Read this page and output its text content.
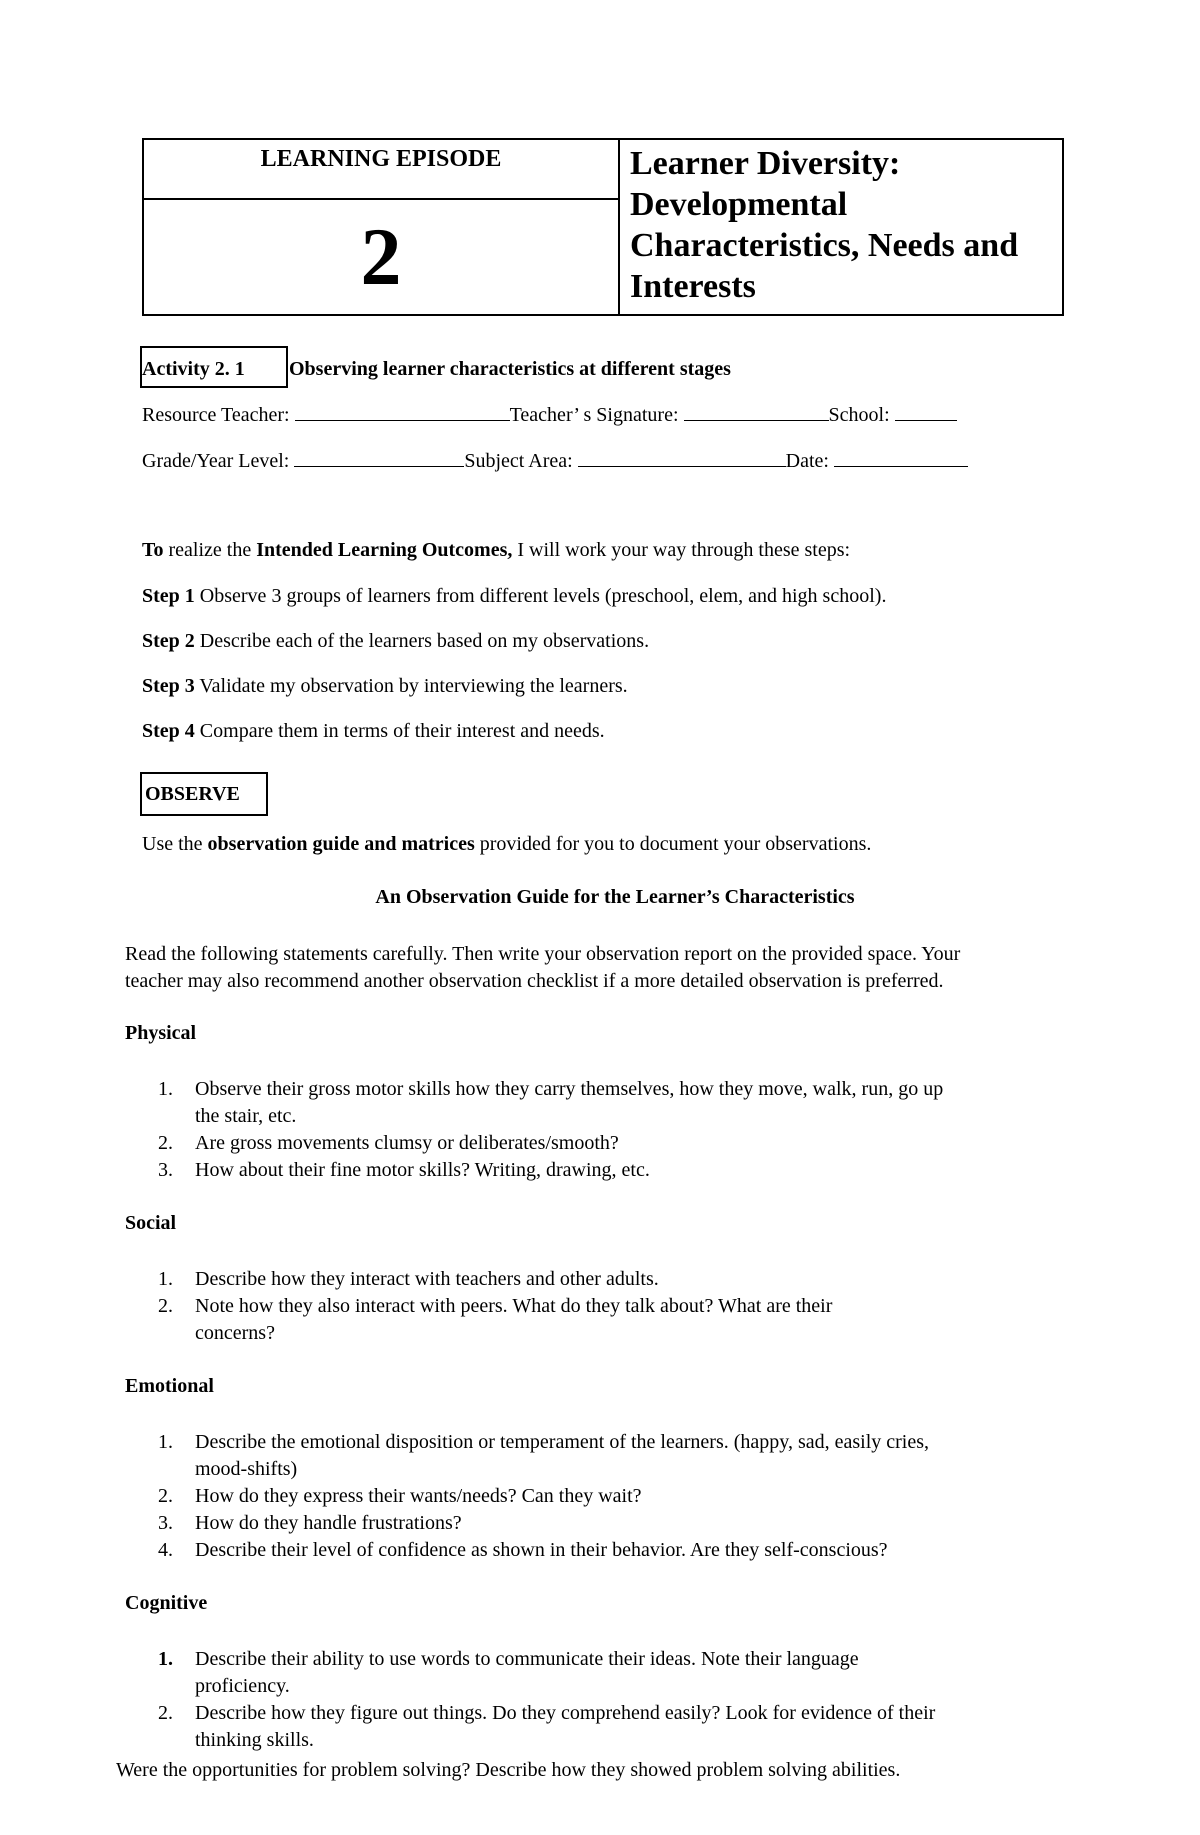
LEARNING EPISODE
2
Learner Diversity:
Developmental
Characteristics, Needs and
Interests
Activity 2. 1 Observing learner characteristics at different stages
Resource Teacher:	Teacher’ s Signature:	School:
Grade/Year Level:	Subject Area:	Date:
To realize the Intended Learning Outcomes, I will work your way through these steps:
Step 1 Observe 3 groups of learners from different levels (preschool, elem, and high school).
Step 2 Describe each of the learners based on my observations.
Step 3 Validate my observation by interviewing the learners.
Step 4 Compare them in terms of their interest and needs.
OBSERVE
Use the observation guide and matrices provided for you to document your observations.
An Observation Guide for the Learner’s Characteristics
Read the following statements carefully. Then write your observation report on the provided space. Your
teacher may also recommend another observation checklist if a more detailed observation is preferred.
Physical
1. Observe their gross motor skills how they carry themselves, how they move, walk, run, go up
the stair, etc.
2. Are gross movements clumsy or deliberates/smooth?
3. How about their fine motor skills? Writing, drawing, etc.
Social
1. Describe how they interact with teachers and other adults.
2. Note how they also interact with peers. What do they talk about? What are their
concerns?
Emotional
1. Describe the emotional disposition or temperament of the learners. (happy, sad, easily cries,
mood-shifts)
2. How do they express their wants/needs? Can they wait?
3. How do they handle frustrations?
4. Describe their level of confidence as shown in their behavior. Are they self-conscious?
Cognitive
1. Describe their ability to use words to communicate their ideas. Note their language
proficiency.
2. Describe how they figure out things. Do they comprehend easily? Look for evidence of their
thinking skills.
Were the opportunities for problem solving? Describe how they showed problem solving abilities.
